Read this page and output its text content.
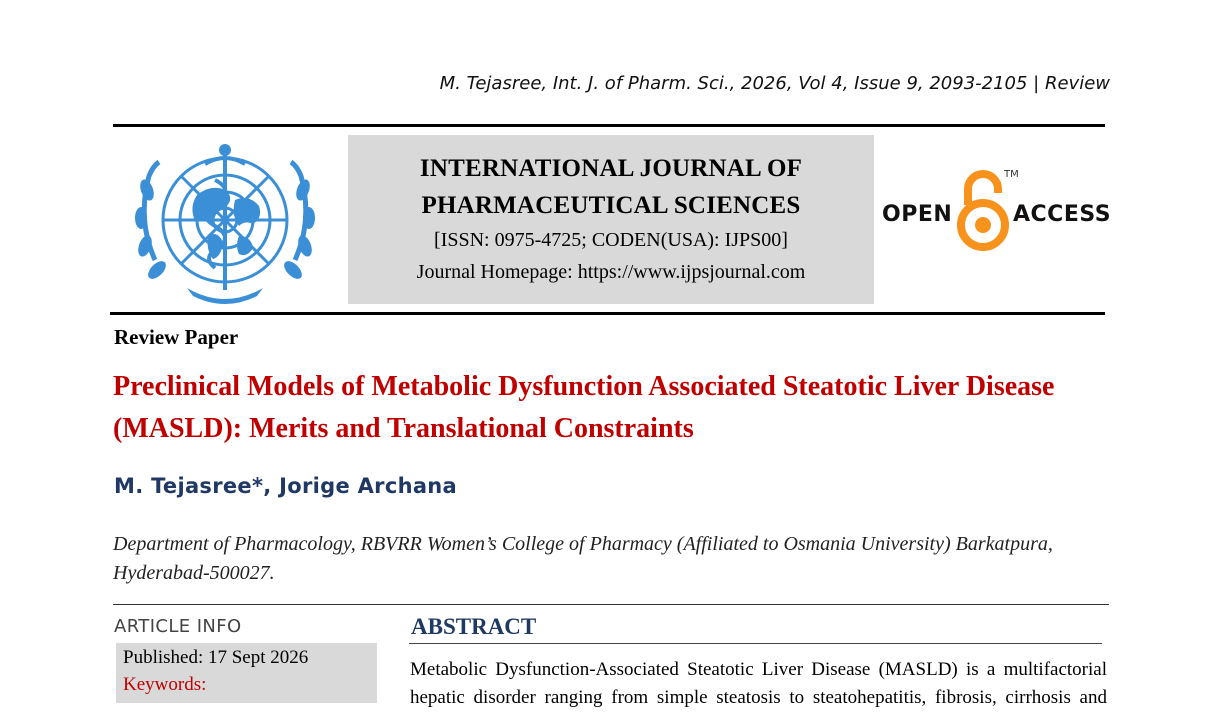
M. Tejasree, Int. J. of Pharm. Sci., 2026, Vol 4, Issue 9, 2093-2105 | Review
INTERNATIONAL JOURNAL OF
PHARMACEUTICAL SCIENCES
[ISSN: 0975-4725; CODEN(USA): IJPS00]
Journal Homepage: https://www.ijpsjournal.com
OPEN
TM
ACCESS
Review Paper
Preclinical Models of Metabolic Dysfunction Associated Steatotic Liver Disease (MASLD): Merits and Translational Constraints
M. Tejasree*, Jorige Archana
Department of Pharmacology, RBVRR Women’s College of Pharmacy (Affiliated to Osmania University) Barkatpura, Hyderabad-500027.
ARTICLE INFO
Published: 17 Sept 2026
Keywords:
ABSTRACT
Metabolic Dysfunction-Associated Steatotic Liver Disease (MASLD) is a multifactorial
hepatic disorder ranging from simple steatosis to steatohepatitis, fibrosis, cirrhosis and
